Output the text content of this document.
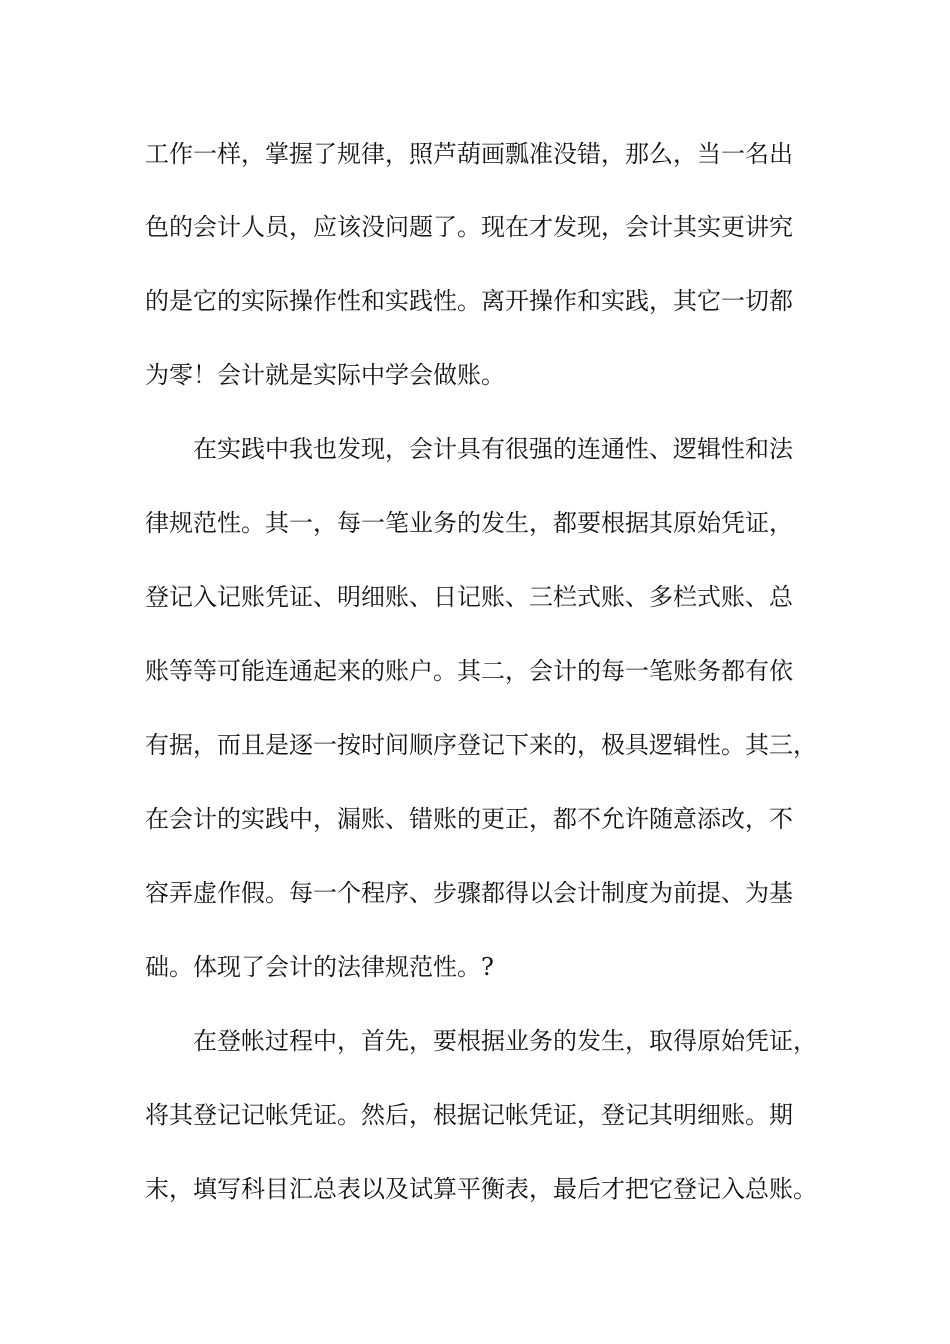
工作一样，掌握了规律，照芦葫画瓢准没错，那么，当一名出
色的会计人员，应该没问题了。现在才发现，会计其实更讲究
的是它的实际操作性和实践性。离开操作和实践，其它一切都
为零！会计就是实际中学会做账。
在实践中我也发现，会计具有很强的连通性、逻辑性和法
律规范性。其一，每一笔业务的发生，都要根据其原始凭证，
登记入记账凭证、明细账、日记账、三栏式账、多栏式账、总
账等等可能连通起来的账户。其二，会计的每一笔账务都有依
有据，而且是逐一按时间顺序登记下来的，极具逻辑性。其三，
在会计的实践中，漏账、错账的更正，都不允许随意添改，不
容弄虚作假。每一个程序、步骤都得以会计制度为前提、为基
础。体现了会计的法律规范性。?
在登帐过程中，首先，要根据业务的发生，取得原始凭证，
将其登记记帐凭证。然后，根据记帐凭证，登记其明细账。期
末，填写科目汇总表以及试算平衡表，最后才把它登记入总账。
